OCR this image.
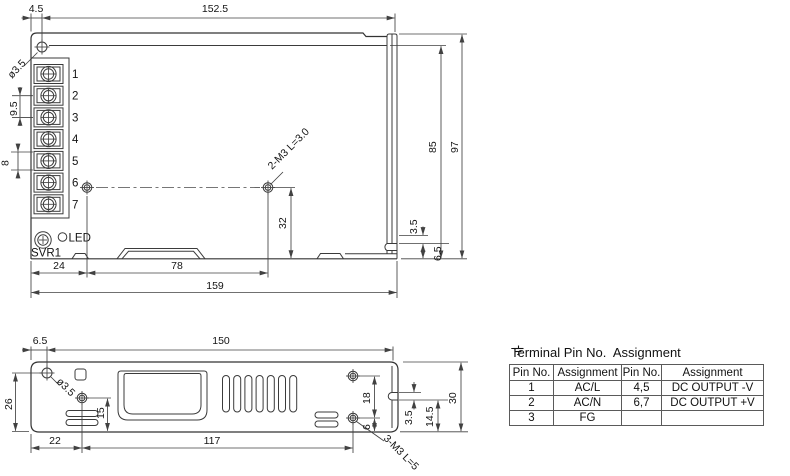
ø3.5	1
2
3
4
5
6
7
SVR1
LED
2-M3 L=3.0
4.5	152.5
9.5
8
32
24	78
159
85 97
3.5
6.5
ø3.5
3-M3 L=5
6.5	150
26
15
18
6
22	117
3.5 14.5
30
Terminal Pin No.  Assignment
Pin No.	Assignment	Pin No.	Assignment
1	AC/L	4,5	DC OUTPUT -V
2	AC/N	6,7	DC OUTPUT +V
3	FG
